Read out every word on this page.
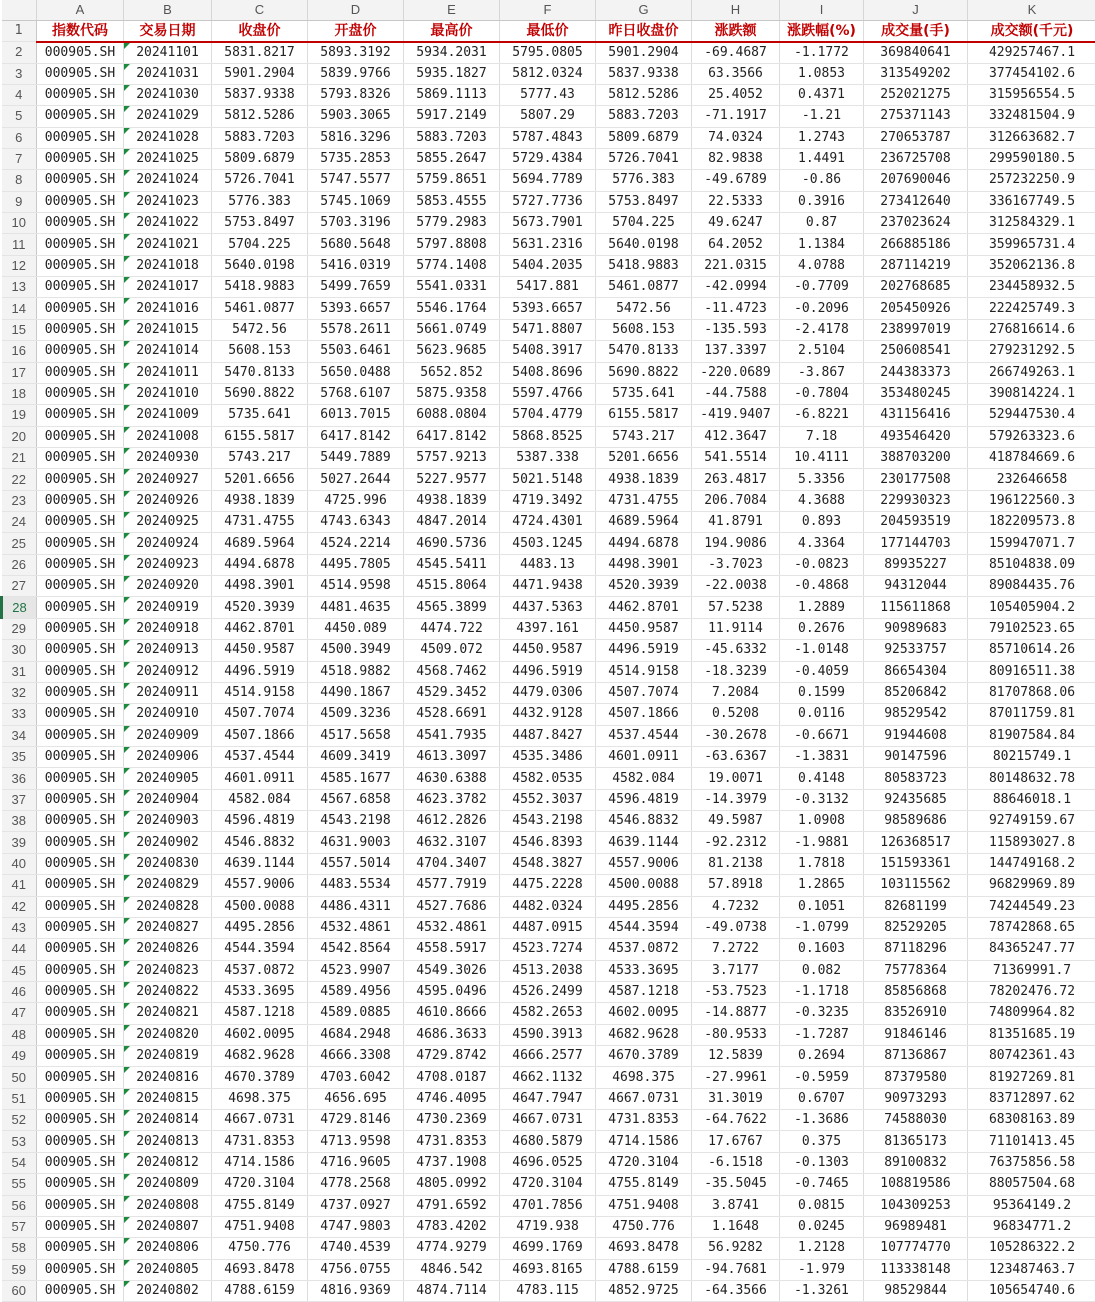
	A	B	C	D	E	F	G	H	I	J	K
1	指数代码	交易日期	收盘价	开盘价	最高价	最低价	昨日收盘价	涨跌额	涨跌幅(%)	成交量(手)	成交额(千元)
2	000905.SH	20241101	5831.8217	5893.3192	5934.2031	5795.0805	5901.2904	-69.4687	-1.1772	369840641	429257467.1
3	000905.SH	20241031	5901.2904	5839.9766	5935.1827	5812.0324	5837.9338	63.3566	1.0853	313549202	377454102.6
4	000905.SH	20241030	5837.9338	5793.8326	5869.1113	5777.43	5812.5286	25.4052	0.4371	252021275	315956554.5
5	000905.SH	20241029	5812.5286	5903.3065	5917.2149	5807.29	5883.7203	-71.1917	-1.21	275371143	332481504.9
6	000905.SH	20241028	5883.7203	5816.3296	5883.7203	5787.4843	5809.6879	74.0324	1.2743	270653787	312663682.7
7	000905.SH	20241025	5809.6879	5735.2853	5855.2647	5729.4384	5726.7041	82.9838	1.4491	236725708	299590180.5
8	000905.SH	20241024	5726.7041	5747.5577	5759.8651	5694.7789	5776.383	-49.6789	-0.86	207690046	257232250.9
9	000905.SH	20241023	5776.383	5745.1069	5853.4555	5727.7736	5753.8497	22.5333	0.3916	273412640	336167749.5
10	000905.SH	20241022	5753.8497	5703.3196	5779.2983	5673.7901	5704.225	49.6247	0.87	237023624	312584329.1
11	000905.SH	20241021	5704.225	5680.5648	5797.8808	5631.2316	5640.0198	64.2052	1.1384	266885186	359965731.4
12	000905.SH	20241018	5640.0198	5416.0319	5774.1408	5404.2035	5418.9883	221.0315	4.0788	287114219	352062136.8
13	000905.SH	20241017	5418.9883	5499.7659	5541.0331	5417.881	5461.0877	-42.0994	-0.7709	202768685	234458932.5
14	000905.SH	20241016	5461.0877	5393.6657	5546.1764	5393.6657	5472.56	-11.4723	-0.2096	205450926	222425749.3
15	000905.SH	20241015	5472.56	5578.2611	5661.0749	5471.8807	5608.153	-135.593	-2.4178	238997019	276816614.6
16	000905.SH	20241014	5608.153	5503.6461	5623.9685	5408.3917	5470.8133	137.3397	2.5104	250608541	279231292.5
17	000905.SH	20241011	5470.8133	5650.0488	5652.852	5408.8696	5690.8822	-220.0689	-3.867	244383373	266749263.1
18	000905.SH	20241010	5690.8822	5768.6107	5875.9358	5597.4766	5735.641	-44.7588	-0.7804	353480245	390814224.1
19	000905.SH	20241009	5735.641	6013.7015	6088.0804	5704.4779	6155.5817	-419.9407	-6.8221	431156416	529447530.4
20	000905.SH	20241008	6155.5817	6417.8142	6417.8142	5868.8525	5743.217	412.3647	7.18	493546420	579263323.6
21	000905.SH	20240930	5743.217	5449.7889	5757.9213	5387.338	5201.6656	541.5514	10.4111	388703200	418784669.6
22	000905.SH	20240927	5201.6656	5027.2644	5227.9577	5021.5148	4938.1839	263.4817	5.3356	230177508	232646658
23	000905.SH	20240926	4938.1839	4725.996	4938.1839	4719.3492	4731.4755	206.7084	4.3688	229930323	196122560.3
24	000905.SH	20240925	4731.4755	4743.6343	4847.2014	4724.4301	4689.5964	41.8791	0.893	204593519	182209573.8
25	000905.SH	20240924	4689.5964	4524.2214	4690.5736	4503.1245	4494.6878	194.9086	4.3364	177144703	159947071.7
26	000905.SH	20240923	4494.6878	4495.7805	4545.5411	4483.13	4498.3901	-3.7023	-0.0823	89935227	85104838.09
27	000905.SH	20240920	4498.3901	4514.9598	4515.8064	4471.9438	4520.3939	-22.0038	-0.4868	94312044	89084435.76
28	000905.SH	20240919	4520.3939	4481.4635	4565.3899	4437.5363	4462.8701	57.5238	1.2889	115611868	105405904.2
29	000905.SH	20240918	4462.8701	4450.089	4474.722	4397.161	4450.9587	11.9114	0.2676	90989683	79102523.65
30	000905.SH	20240913	4450.9587	4500.3949	4509.072	4450.9587	4496.5919	-45.6332	-1.0148	92533757	85710614.26
31	000905.SH	20240912	4496.5919	4518.9882	4568.7462	4496.5919	4514.9158	-18.3239	-0.4059	86654304	80916511.38
32	000905.SH	20240911	4514.9158	4490.1867	4529.3452	4479.0306	4507.7074	7.2084	0.1599	85206842	81707868.06
33	000905.SH	20240910	4507.7074	4509.3236	4528.6691	4432.9128	4507.1866	0.5208	0.0116	98529542	87011759.81
34	000905.SH	20240909	4507.1866	4517.5658	4541.7935	4487.8427	4537.4544	-30.2678	-0.6671	91944608	81907584.84
35	000905.SH	20240906	4537.4544	4609.3419	4613.3097	4535.3486	4601.0911	-63.6367	-1.3831	90147596	80215749.1
36	000905.SH	20240905	4601.0911	4585.1677	4630.6388	4582.0535	4582.084	19.0071	0.4148	80583723	80148632.78
37	000905.SH	20240904	4582.084	4567.6858	4623.3782	4552.3037	4596.4819	-14.3979	-0.3132	92435685	88646018.1
38	000905.SH	20240903	4596.4819	4543.2198	4612.2826	4543.2198	4546.8832	49.5987	1.0908	98589686	92749159.67
39	000905.SH	20240902	4546.8832	4631.9003	4632.3107	4546.8393	4639.1144	-92.2312	-1.9881	126368517	115893027.8
40	000905.SH	20240830	4639.1144	4557.5014	4704.3407	4548.3827	4557.9006	81.2138	1.7818	151593361	144749168.2
41	000905.SH	20240829	4557.9006	4483.5534	4577.7919	4475.2228	4500.0088	57.8918	1.2865	103115562	96829969.89
42	000905.SH	20240828	4500.0088	4486.4311	4527.7686	4482.0324	4495.2856	4.7232	0.1051	82681199	74244549.23
43	000905.SH	20240827	4495.2856	4532.4861	4532.4861	4487.0915	4544.3594	-49.0738	-1.0799	82529205	78742868.65
44	000905.SH	20240826	4544.3594	4542.8564	4558.5917	4523.7274	4537.0872	7.2722	0.1603	87118296	84365247.77
45	000905.SH	20240823	4537.0872	4523.9907	4549.3026	4513.2038	4533.3695	3.7177	0.082	75778364	71369991.7
46	000905.SH	20240822	4533.3695	4589.4956	4595.0496	4526.2499	4587.1218	-53.7523	-1.1718	85856868	78202476.72
47	000905.SH	20240821	4587.1218	4589.0885	4610.8666	4582.2653	4602.0095	-14.8877	-0.3235	83526910	74809964.82
48	000905.SH	20240820	4602.0095	4684.2948	4686.3633	4590.3913	4682.9628	-80.9533	-1.7287	91846146	81351685.19
49	000905.SH	20240819	4682.9628	4666.3308	4729.8742	4666.2577	4670.3789	12.5839	0.2694	87136867	80742361.43
50	000905.SH	20240816	4670.3789	4703.6042	4708.0187	4662.1132	4698.375	-27.9961	-0.5959	87379580	81927269.81
51	000905.SH	20240815	4698.375	4656.695	4746.4095	4647.7947	4667.0731	31.3019	0.6707	90973293	83712897.62
52	000905.SH	20240814	4667.0731	4729.8146	4730.2369	4667.0731	4731.8353	-64.7622	-1.3686	74588030	68308163.89
53	000905.SH	20240813	4731.8353	4713.9598	4731.8353	4680.5879	4714.1586	17.6767	0.375	81365173	71101413.45
54	000905.SH	20240812	4714.1586	4716.9605	4737.1908	4696.0525	4720.3104	-6.1518	-0.1303	89100832	76375856.58
55	000905.SH	20240809	4720.3104	4778.2568	4805.0992	4720.3104	4755.8149	-35.5045	-0.7465	108819586	88057504.68
56	000905.SH	20240808	4755.8149	4737.0927	4791.6592	4701.7856	4751.9408	3.8741	0.0815	104309253	95364149.2
57	000905.SH	20240807	4751.9408	4747.9803	4783.4202	4719.938	4750.776	1.1648	0.0245	96989481	96834771.2
58	000905.SH	20240806	4750.776	4740.4539	4774.9279	4699.1769	4693.8478	56.9282	1.2128	107774770	105286322.2
59	000905.SH	20240805	4693.8478	4756.0755	4846.542	4693.8165	4788.6159	-94.7681	-1.979	113338148	123487463.7
60	000905.SH	20240802	4788.6159	4816.9369	4874.7114	4783.115	4852.9725	-64.3566	-1.3261	98529844	105654740.6
